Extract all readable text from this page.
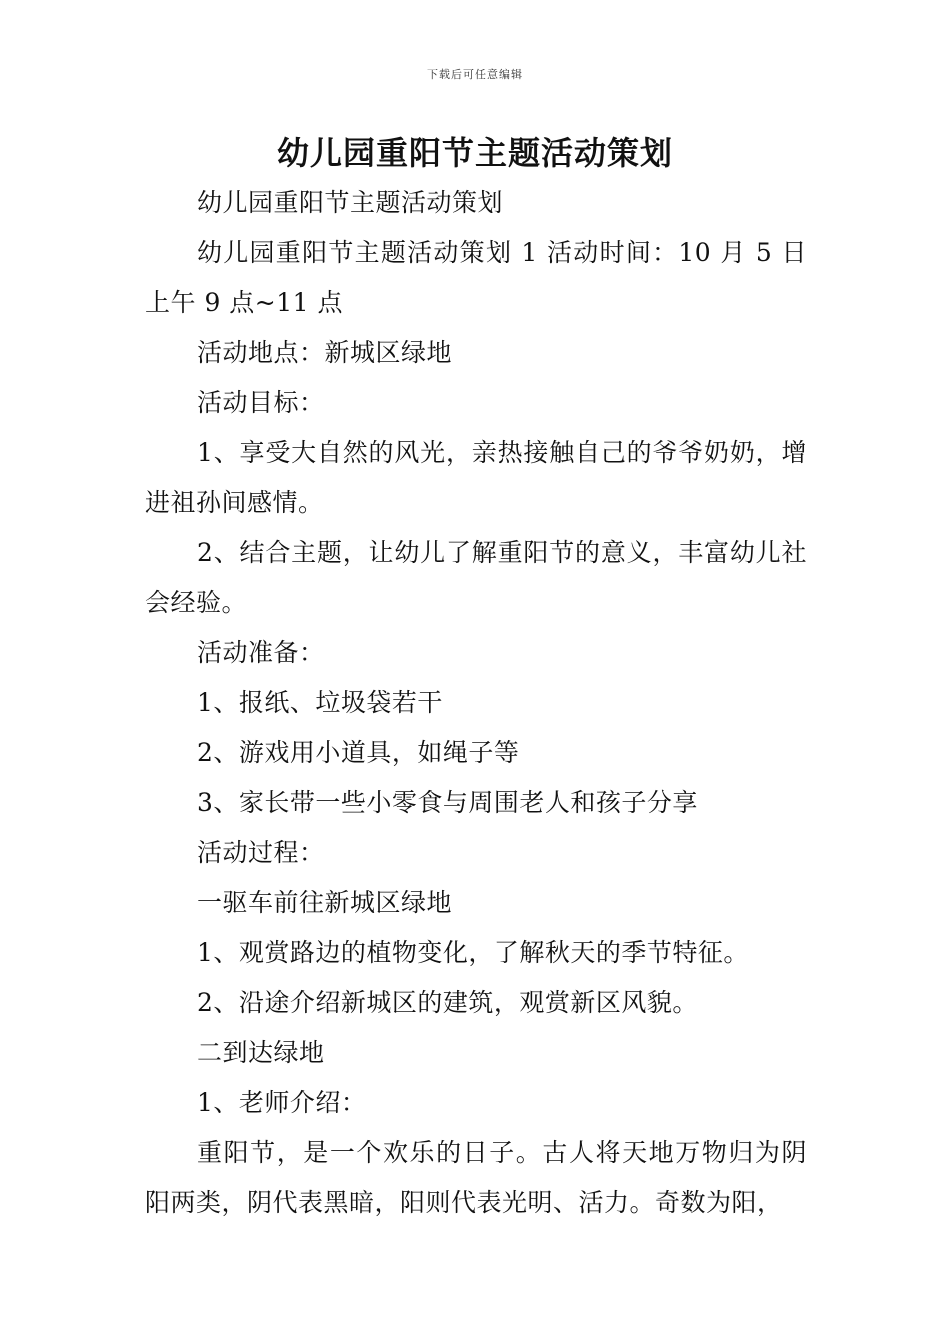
下载后可任意编辑
幼儿园重阳节主题活动策划

幼儿园重阳节主题活动策划

幼儿园重阳节主题活动策划 1 活动时间：10 月 5 日上午 9 点~11 点

活动地点：新城区绿地

活动目标：

1、享受大自然的风光，亲热接触自己的爷爷奶奶，增进祖孙间感情。

2、结合主题，让幼儿了解重阳节的意义，丰富幼儿社会经验。

活动准备：

1、报纸、垃圾袋若干

2、游戏用小道具，如绳子等

3、家长带一些小零食与周围老人和孩子分享

活动过程：

一驱车前往新城区绿地

1、观赏路边的植物变化，了解秋天的季节特征。

2、沿途介绍新城区的建筑，观赏新区风貌。

二到达绿地

1、老师介绍：

重阳节，是一个欢乐的日子。古人将天地万物归为阴阳两类，阴代表黑暗，阳则代表光明、活力。奇数为阳，
